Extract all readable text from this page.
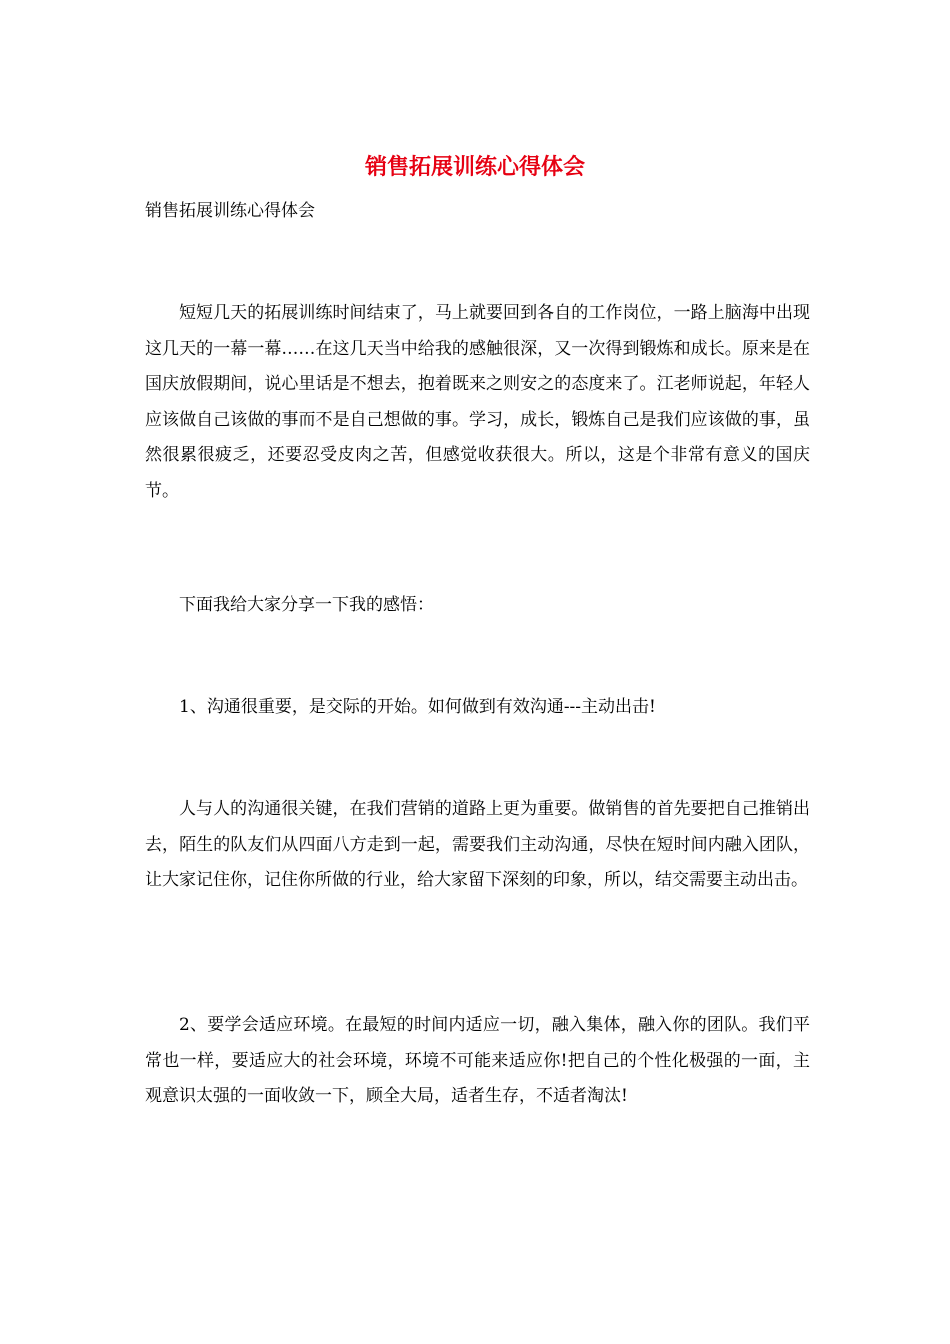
销售拓展训练心得体会

销售拓展训练心得体会

短短几天的拓展训练时间结束了，马上就要回到各自的工作岗位，一路上脑海中出现这几天的一幕一幕……在这几天当中给我的感触很深，又一次得到锻炼和成长。原来是在国庆放假期间，说心里话是不想去，抱着既来之则安之的态度来了。江老师说起，年轻人应该做自己该做的事而不是自己想做的事。学习，成长，锻炼自己是我们应该做的事，虽然很累很疲乏，还要忍受皮肉之苦，但感觉收获很大。所以，这是个非常有意义的国庆节。

下面我给大家分享一下我的感悟：

1、沟通很重要，是交际的开始。如何做到有效沟通---主动出击!

人与人的沟通很关键，在我们营销的道路上更为重要。做销售的首先要把自己推销出去，陌生的队友们从四面八方走到一起，需要我们主动沟通，尽快在短时间内融入团队，让大家记住你，记住你所做的行业，给大家留下深刻的印象，所以，结交需要主动出击。

2、要学会适应环境。在最短的时间内适应一切，融入集体，融入你的团队。我们平常也一样，要适应大的社会环境，环境不可能来适应你!把自己的个性化极强的一面，主观意识太强的一面收敛一下，顾全大局，适者生存，不适者淘汰!
